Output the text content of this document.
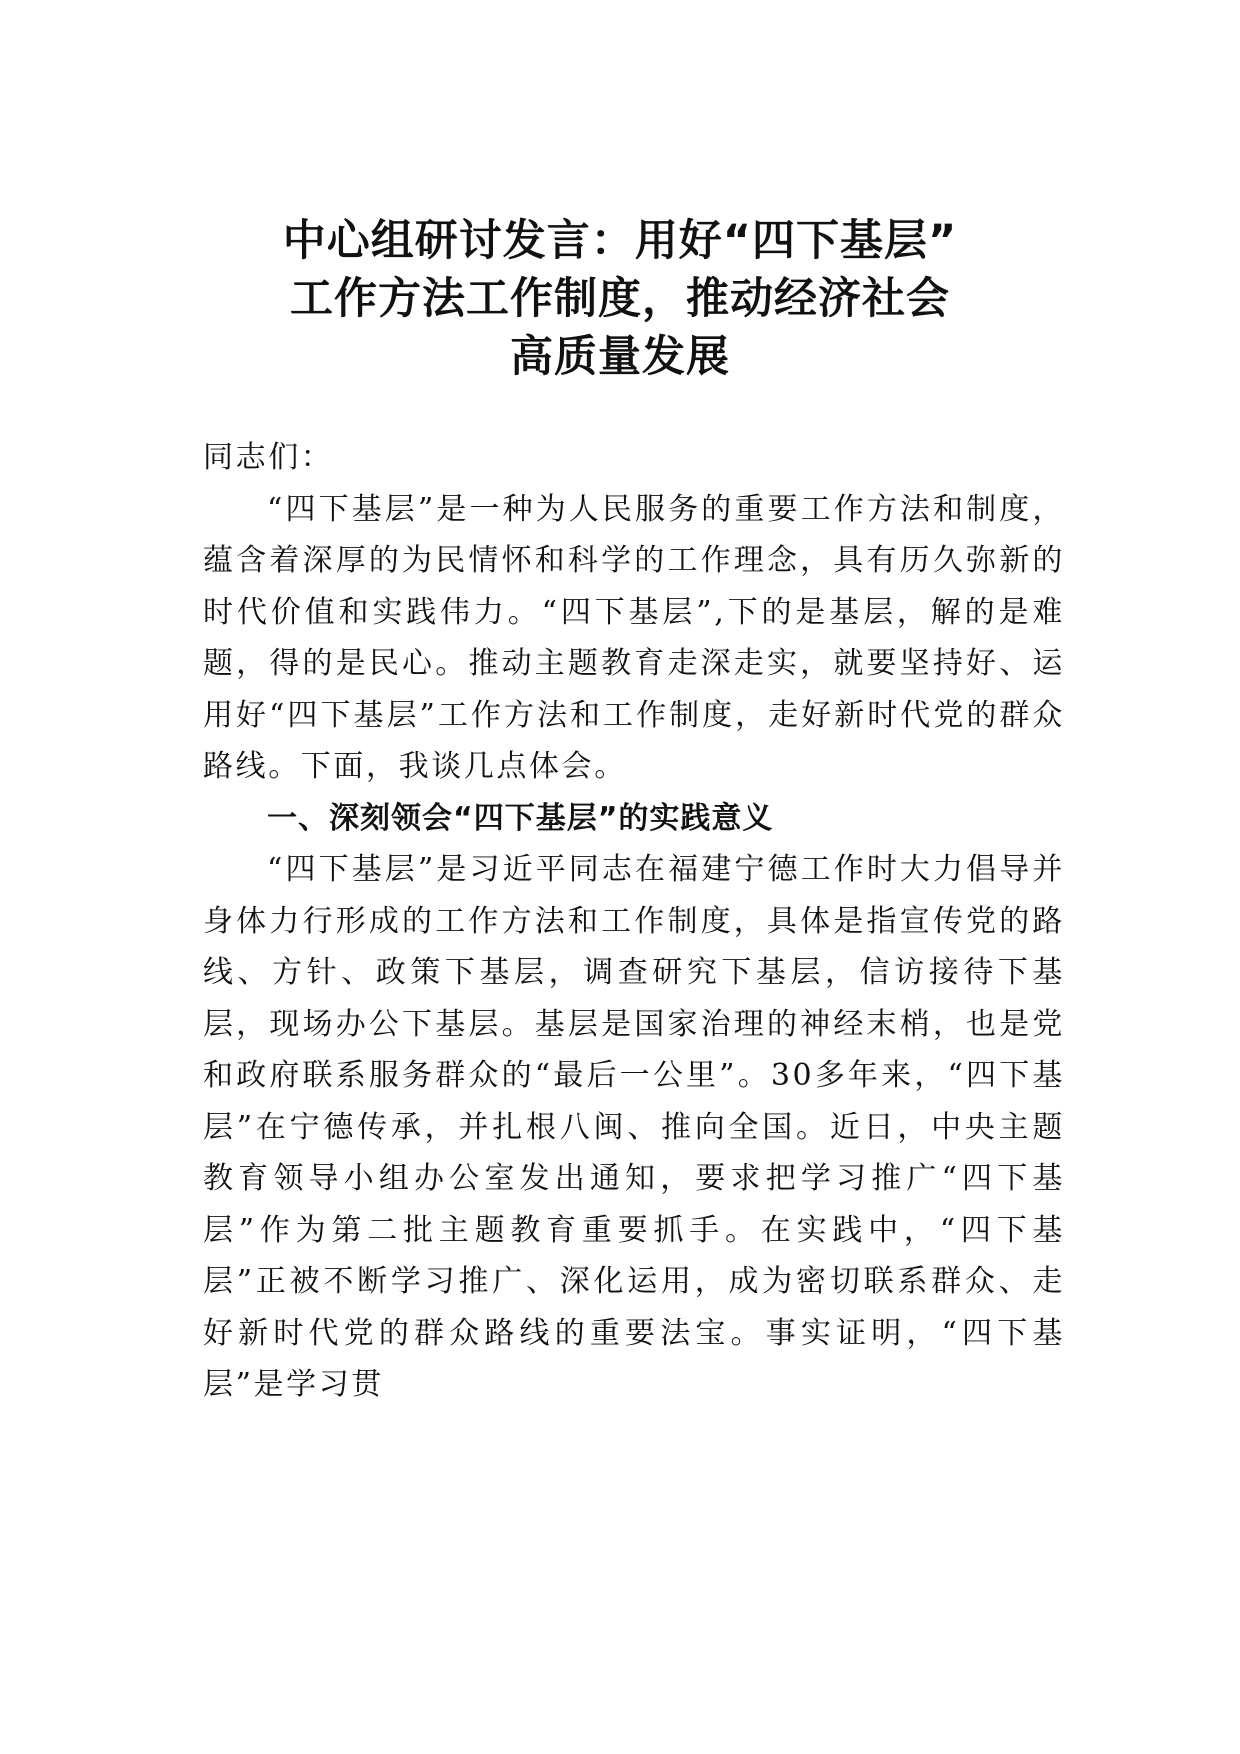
中心组研讨发言：用好“四下基层”
工作方法工作制度，推动经济社会
高质量发展

同志们：

“四下基层”是一种为人民服务的重要工作方法和制度，蕴含着深厚的为民情怀和科学的工作理念，具有历久弥新的时代价值和实践伟力。“四下基层”,下的是基层，解的是难题，得的是民心。推动主题教育走深走实，就要坚持好、运用好“四下基层”工作方法和工作制度，走好新时代党的群众路线。下面，我谈几点体会。

一、深刻领会“四下基层”的实践意义

“四下基层”是习近平同志在福建宁德工作时大力倡导并身体力行形成的工作方法和工作制度，具体是指宣传党的路线、方针、政策下基层，调查研究下基层，信访接待下基层，现场办公下基层。基层是国家治理的神经末梢，也是党和政府联系服务群众的“最后一公里”。30多年来，“四下基层”在宁德传承，并扎根八闽、推向全国。近日，中央主题教育领导小组办公室发出通知，要求把学习推广“四下基层”作为第二批主题教育重要抓手。在实践中，“四下基层”正被不断学习推广、深化运用，成为密切联系群众、走好新时代党的群众路线的重要法宝。事实证明，“四下基层”是学习贯
